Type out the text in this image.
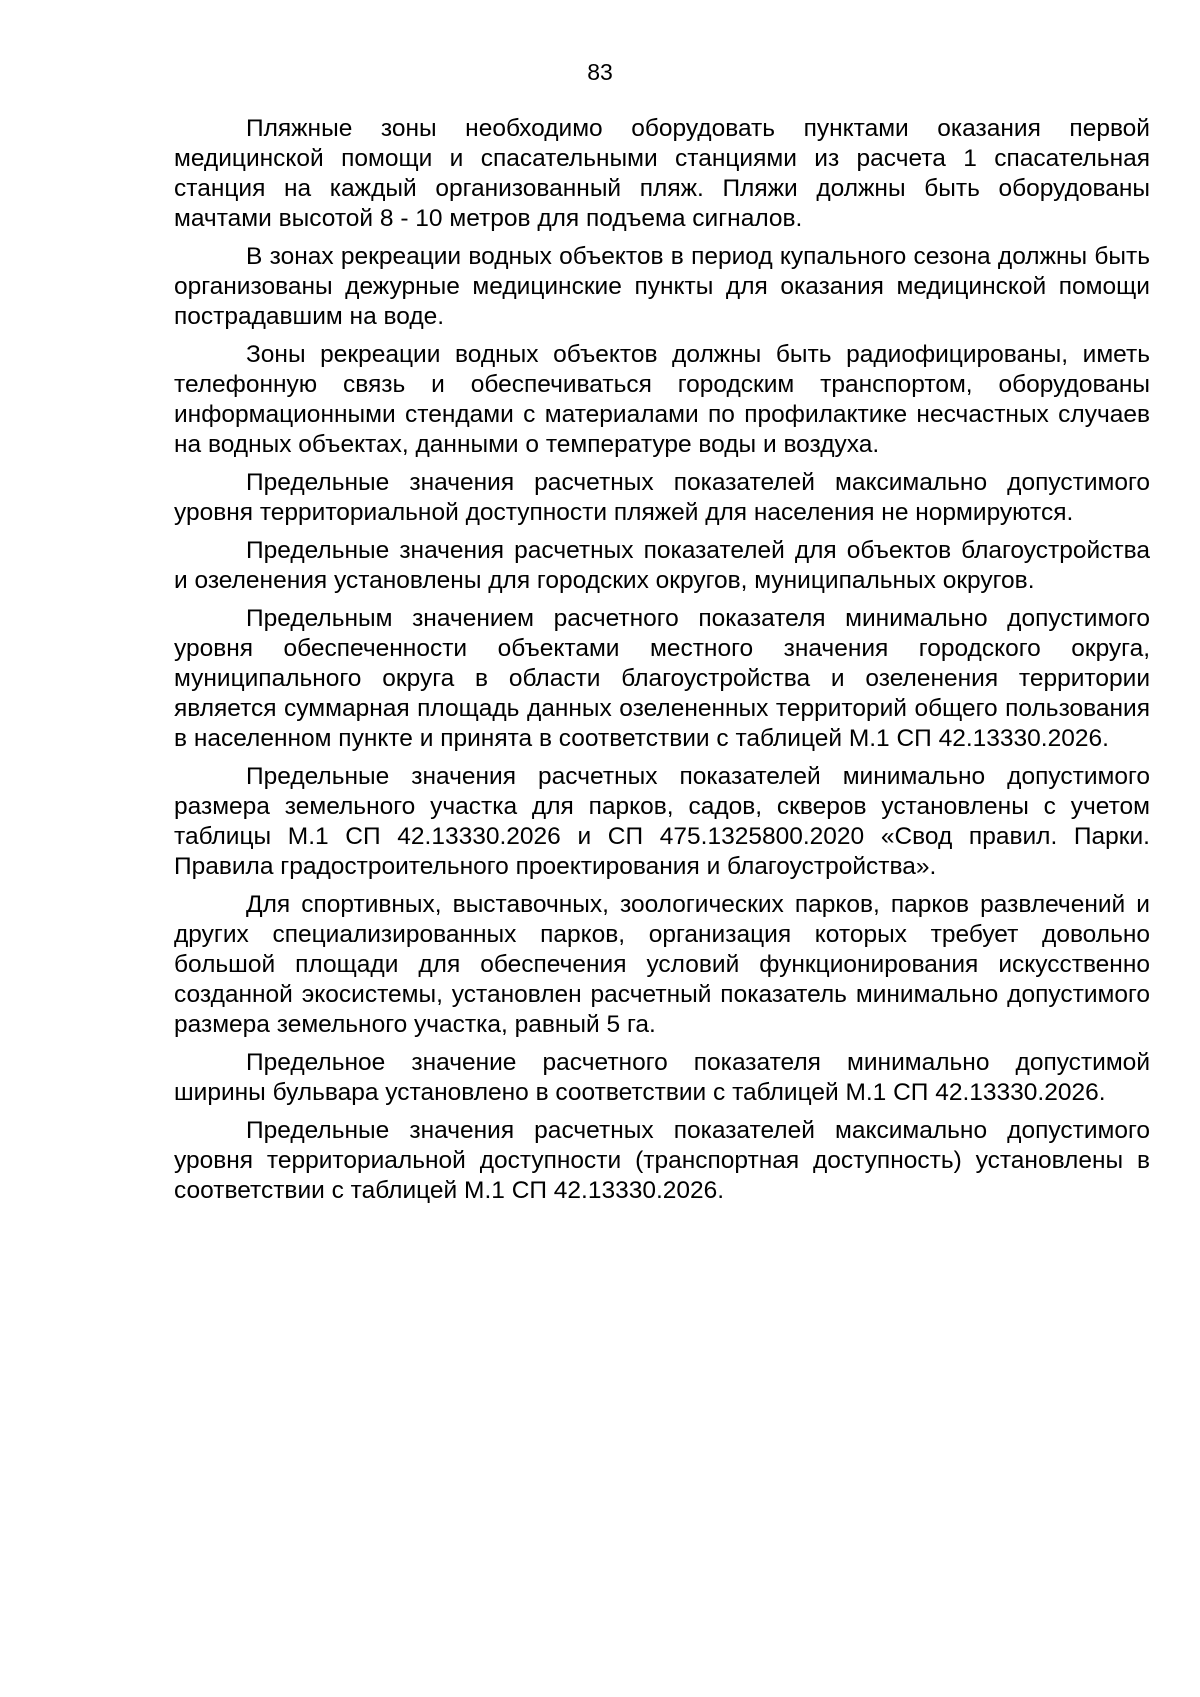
83

Пляжные зоны необходимо оборудовать пунктами оказания первой медицинской помощи и спасательными станциями из расчета 1 спасательная станция на каждый организованный пляж. Пляжи должны быть оборудованы мачтами высотой 8 - 10 метров для подъема сигналов.

В зонах рекреации водных объектов в период купального сезона должны быть организованы дежурные медицинские пункты для оказания медицинской помощи пострадавшим на воде.

Зоны рекреации водных объектов должны быть радиофицированы, иметь телефонную связь и обеспечиваться городским транспортом, оборудованы информационными стендами с материалами по профилактике несчастных случаев на водных объектах, данными о температуре воды и воздуха.

Предельные значения расчетных показателей максимально допустимого уровня территориальной доступности пляжей для населения не нормируются.

Предельные значения расчетных показателей для объектов благоустройства и озеленения установлены для городских округов, муниципальных округов.

Предельным значением расчетного показателя минимально допустимого уровня обеспеченности объектами местного значения городского округа, муниципального округа в области благоустройства и озеленения территории является суммарная площадь данных озелененных территорий общего пользования в населенном пункте и принята в соответствии с таблицей М.1 СП 42.13330.2026.

Предельные значения расчетных показателей минимально допустимого размера земельного участка для парков, садов, скверов установлены с учетом таблицы М.1 СП 42.13330.2026 и СП 475.1325800.2020 «Свод правил. Парки. Правила градостроительного проектирования и благоустройства».

Для спортивных, выставочных, зоологических парков, парков развлечений и других специализированных парков, организация которых требует довольно большой площади для обеспечения условий функционирования искусственно созданной экосистемы, установлен расчетный показатель минимально допустимого размера земельного участка, равный 5 га.

Предельное значение расчетного показателя минимально допустимой ширины бульвара установлено в соответствии с таблицей М.1 СП 42.13330.2026.

Предельные значения расчетных показателей максимально допустимого уровня территориальной доступности (транспортная доступность) установлены в соответствии с таблицей М.1 СП 42.13330.2026.
